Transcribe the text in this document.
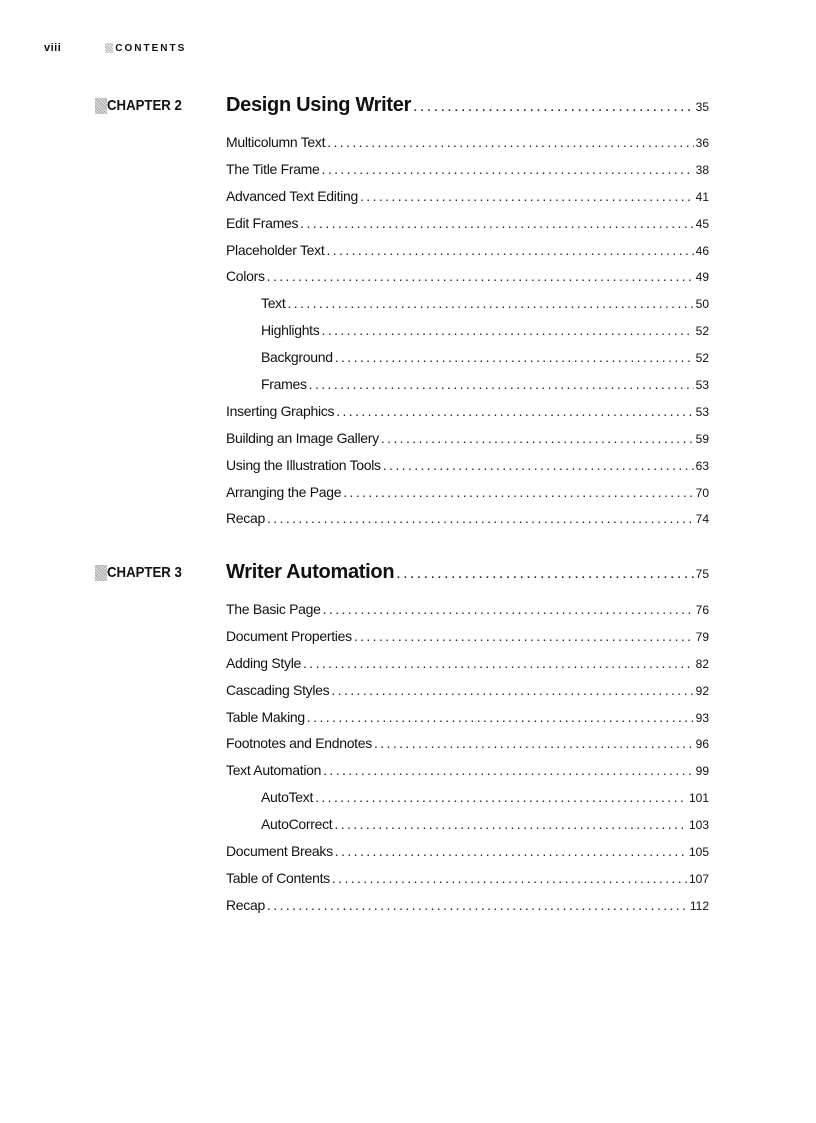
viii	CONTENTS
CHAPTER 2 Design Using Writer .....	35
Multicolumn Text .....	36
The Title Frame .....	38
Advanced Text Editing .....	41
Edit Frames .....	45
Placeholder Text .....	46
Colors .....	49
Text .....	50
Highlights .....	52
Background .....	52
Frames .....	53
Inserting Graphics .....	53
Building an Image Gallery .....	59
Using the Illustration Tools .....	63
Arranging the Page .....	70
Recap .....	74
CHAPTER 3 Writer Automation .....	75
The Basic Page .....	76
Document Properties .....	79
Adding Style .....	82
Cascading Styles .....	92
Table Making .....	93
Footnotes and Endnotes .....	96
Text Automation .....	99
AutoText .....	101
AutoCorrect .....	103
Document Breaks .....	105
Table of Contents .....	107
Recap .....	112
